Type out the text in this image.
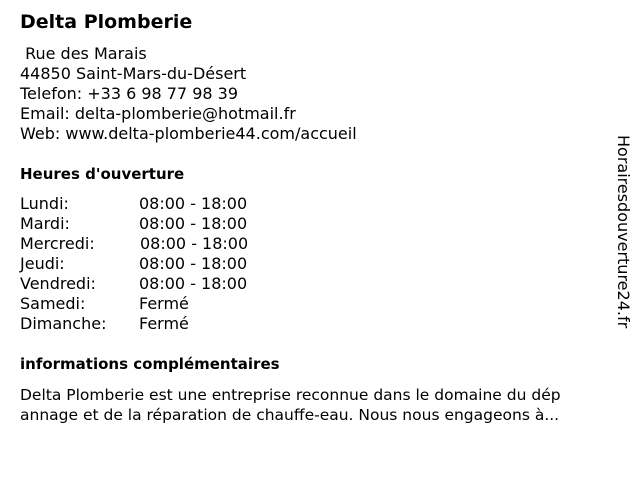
Delta Plomberie
Rue des Marais
44850 Saint-Mars-du-Désert
Telefon: +33 6 98 77 98 39
Email: delta-plomberie@hotmail.fr
Web: www.delta-plomberie44.com/accueil
Heures d'ouverture
Lundi:	08:00 - 18:00
Mardi:	08:00 - 18:00
Mercredi:	08:00 - 18:00
Jeudi:	08:00 - 18:00
Vendredi:	08:00 - 18:00
Samedi:	Fermé
Dimanche: Fermé
informations complémentaires
Delta Plomberie est une entreprise reconnue dans le domaine du dép
annage et de la réparation de chauffe-eau. Nous nous engageons à...
Horairesdouverture24.fr
